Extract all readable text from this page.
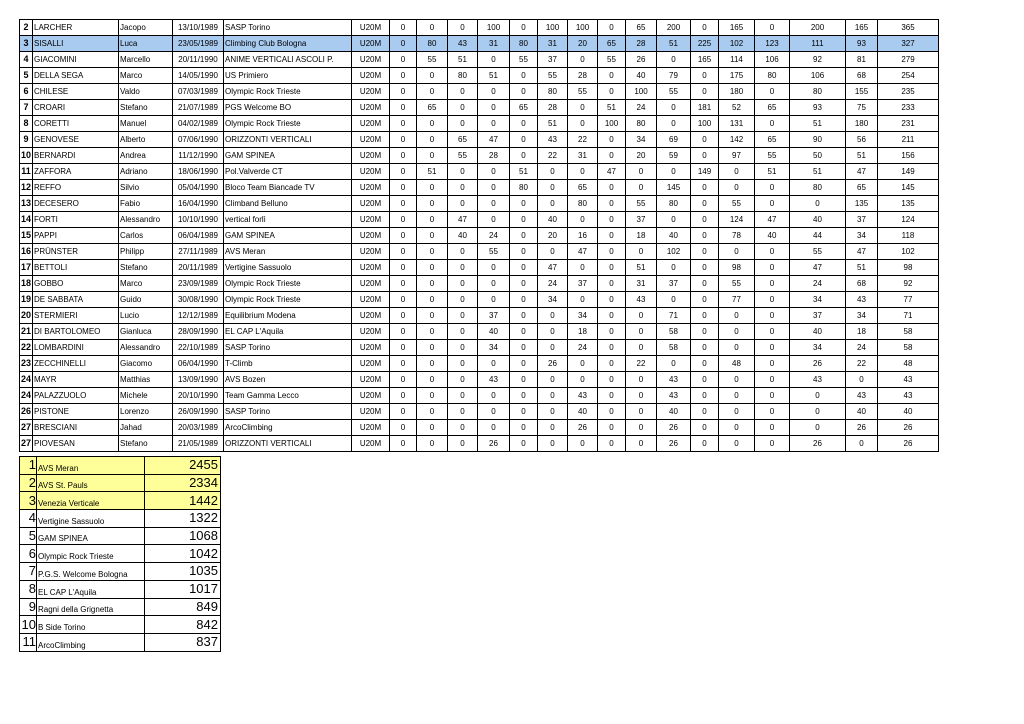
2	LARCHER	Jacopo	13/10/1989	SASP Torino	U20M	0	0	0	100	0	100	100	0	65	200	0	165	0	200	165	365
3	SISALLI	Luca	23/05/1989	Climbing Club Bologna	U20M	0	80	43	31	80	31	20	65	28	51	225	102	123	111	93	327
4	GIACOMINI	Marcello	20/11/1990	ANIME VERTICALI ASCOLI P.	U20M	0	55	51	0	55	37	0	55	26	0	165	114	106	92	81	279
5	DELLA SEGA	Marco	14/05/1990	US Primiero	U20M	0	0	80	51	0	55	28	0	40	79	0	175	80	106	68	254
6	CHILESE	Valdo	07/03/1989	Olympic Rock Trieste	U20M	0	0	0	0	0	80	55	0	100	55	0	180	0	80	155	235
7	CROARI	Stefano	21/07/1989	PGS Welcome BO	U20M	0	65	0	0	65	28	0	51	24	0	181	52	65	93	75	233
8	CORETTI	Manuel	04/02/1989	Olympic Rock Trieste	U20M	0	0	0	0	0	51	0	100	80	0	100	131	0	51	180	231
9	GENOVESE	Alberto	07/06/1990	ORIZZONTI VERTICALI	U20M	0	0	65	47	0	43	22	0	34	69	0	142	65	90	56	211
10	BERNARDI	Andrea	11/12/1990	GAM SPINEA	U20M	0	0	55	28	0	22	31	0	20	59	0	97	55	50	51	156
11	ZAFFORA	Adriano	18/06/1990	Pol.Valverde CT	U20M	0	51	0	0	51	0	0	47	0	0	149	0	51	51	47	149
12	REFFO	Silvio	05/04/1990	Bloco Team Biancade TV	U20M	0	0	0	0	80	0	65	0	0	145	0	0	0	80	65	145
13	DECESERO	Fabio	16/04/1990	Climband Belluno	U20M	0	0	0	0	0	0	80	0	55	80	0	55	0	0	135	135
14	FORTI	Alessandro	10/10/1990	vertical forlì	U20M	0	0	47	0	0	40	0	0	37	0	0	124	47	40	37	124
15	PAPPI	Carlos	06/04/1989	GAM SPINEA	U20M	0	0	40	24	0	20	16	0	18	40	0	78	40	44	34	118
16	PRÜNSTER	Philipp	27/11/1989	AVS Meran	U20M	0	0	0	55	0	0	47	0	0	102	0	0	0	55	47	102
17	BETTOLI	Stefano	20/11/1989	Vertigine Sassuolo	U20M	0	0	0	0	0	47	0	0	51	0	0	98	0	47	51	98
18	GOBBO	Marco	23/09/1989	Olympic Rock Trieste	U20M	0	0	0	0	0	24	37	0	31	37	0	55	0	24	68	92
19	DE SABBATA	Guido	30/08/1990	Olympic Rock Trieste	U20M	0	0	0	0	0	34	0	0	43	0	0	77	0	34	43	77
20	STERMIERI	Lucio	12/12/1989	Equilibrium Modena	U20M	0	0	0	37	0	0	34	0	0	71	0	0	0	37	34	71
21	DI BARTOLOMEO	Gianluca	28/09/1990	EL CAP L'Aquila	U20M	0	0	0	40	0	0	18	0	0	58	0	0	0	40	18	58
22	LOMBARDINI	Alessandro	22/10/1989	SASP Torino	U20M	0	0	0	34	0	0	24	0	0	58	0	0	0	34	24	58
23	ZECCHINELLI	Giacomo	06/04/1990	T-Climb	U20M	0	0	0	0	0	26	0	0	22	0	0	48	0	26	22	48
24	MAYR	Matthias	13/09/1990	AVS Bozen	U20M	0	0	0	43	0	0	0	0	0	43	0	0	0	43	0	43
24	PALAZZUOLO	Michele	20/10/1990	Team Gamma Lecco	U20M	0	0	0	0	0	0	43	0	0	43	0	0	0	0	43	43
26	PISTONE	Lorenzo	26/09/1990	SASP Torino	U20M	0	0	0	0	0	0	40	0	0	40	0	0	0	0	40	40
27	BRESCIANI	Jahad	20/03/1989	ArcoClimbing	U20M	0	0	0	0	0	0	26	0	0	26	0	0	0	0	26	26
27	PIOVESAN	Stefano	21/05/1989	ORIZZONTI VERTICALI	U20M	0	0	0	26	0	0	0	0	0	26	0	0	0	26	0	26
1	AVS Meran	2455
2	AVS St. Pauls	2334
3	Venezia Verticale	1442
4	Vertigine Sassuolo	1322
5	GAM SPINEA	1068
6	Olympic Rock Trieste	1042
7	P.G.S. Welcome Bologna	1035
8	EL CAP L'Aquila	1017
9	Ragni della Grignetta	849
10	B Side Torino	842
11	ArcoClimbing	837
